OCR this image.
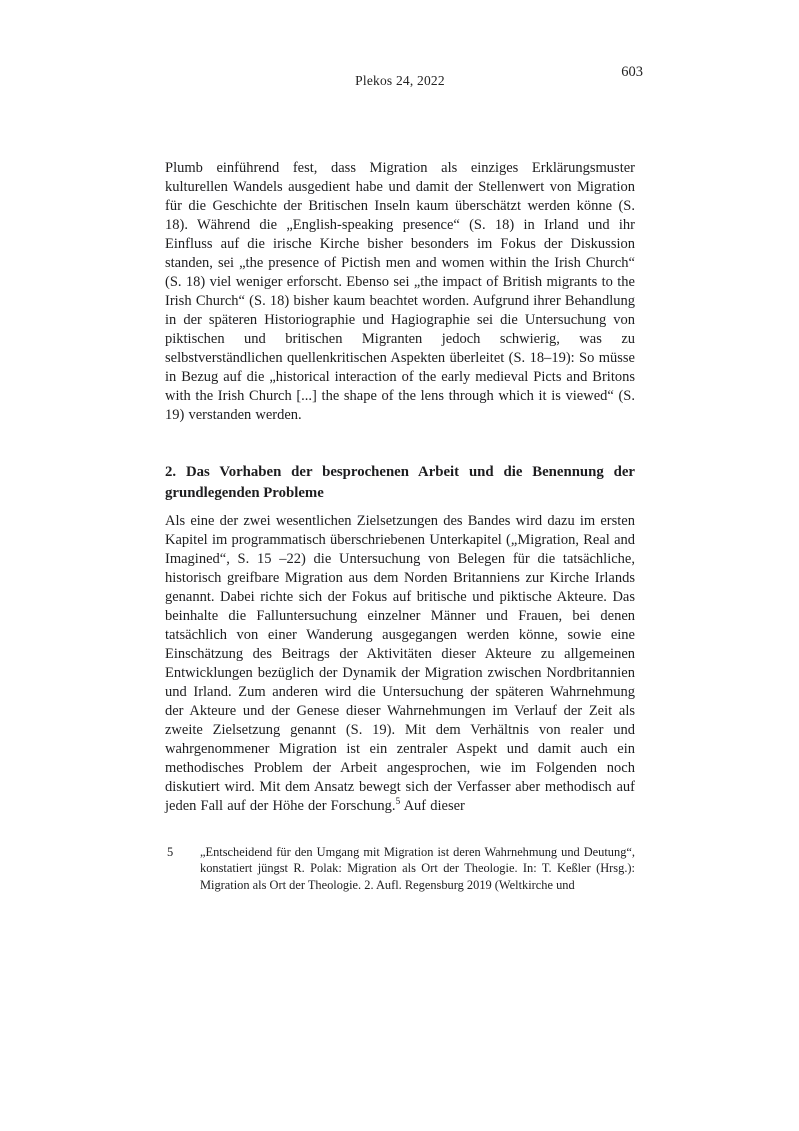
Plekos 24, 2022
603

Plumb einführend fest, dass Migration als einziges Erklärungsmuster kulturellen Wandels ausgedient habe und damit der Stellenwert von Migration für die Geschichte der Britischen Inseln kaum überschätzt werden könne (S. 18). Während die „English-speaking presence“ (S. 18) in Irland und ihr Einfluss auf die irische Kirche bisher besonders im Fokus der Diskussion standen, sei „the presence of Pictish men and women within the Irish Church“ (S. 18) viel weniger erforscht. Ebenso sei „the impact of British migrants to the Irish Church“ (S. 18) bisher kaum beachtet worden. Aufgrund ihrer Behandlung in der späteren Historiographie und Hagiographie sei die Untersuchung von piktischen und britischen Migranten jedoch schwierig, was zu selbstverständlichen quellenkritischen Aspekten überleitet (S. 18–19): So müsse in Bezug auf die „historical interaction of the early medieval Picts and Britons with the Irish Church [...] the shape of the lens through which it is viewed“ (S. 19) verstanden werden.

2. Das Vorhaben der besprochenen Arbeit und die Benennung der grundlegenden Probleme

Als eine der zwei wesentlichen Zielsetzungen des Bandes wird dazu im ersten Kapitel im programmatisch überschriebenen Unterkapitel („Migration, Real and Imagined“, S. 15 –22) die Untersuchung von Belegen für die tatsächliche, historisch greifbare Migration aus dem Norden Britanniens zur Kirche Irlands genannt. Dabei richte sich der Fokus auf britische und piktische Akteure. Das beinhalte die Falluntersuchung einzelner Männer und Frauen, bei denen tatsächlich von einer Wanderung ausgegangen werden könne, sowie eine Einschätzung des Beitrags der Aktivitäten dieser Akteure zu allgemeinen Entwicklungen bezüglich der Dynamik der Migration zwischen Nordbritannien und Irland. Zum anderen wird die Untersuchung der späteren Wahrnehmung der Akteure und der Genese dieser Wahrnehmungen im Verlauf der Zeit als zweite Zielsetzung genannt (S. 19). Mit dem Verhältnis von realer und wahrgenommener Migration ist ein zentraler Aspekt und damit auch ein methodisches Problem der Arbeit angesprochen, wie im Folgenden noch diskutiert wird. Mit dem Ansatz bewegt sich der Verfasser aber methodisch auf jeden Fall auf der Höhe der Forschung.$^5$ Auf dieser

5 „Entscheidend für den Umgang mit Migration ist deren Wahrnehmung und Deutung“, konstatiert jüngst R. Polak: Migration als Ort der Theologie. In: T. Keßler (Hrsg.): Migration als Ort der Theologie. 2. Aufl. Regensburg 2019 (Weltkirche und
